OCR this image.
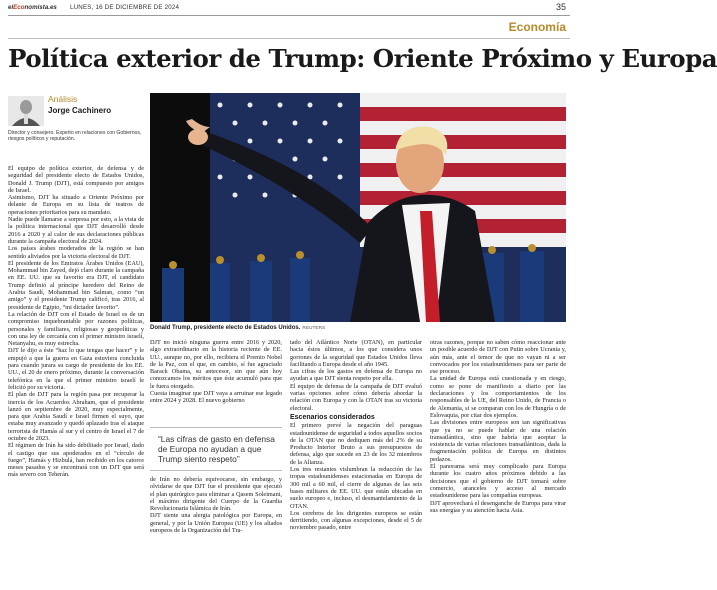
elEconomista.es LUNES, 16 DE DICIEMBRE DE 2024	35
Economía
Política exterior de Trump: Oriente Próximo y Europa
Análisis
Jorge Cachinero
Director y consejero. Experto en relaciones con Gobiernos, riesgos políticos y reputación.
Donald Trump, presidente electo de Estados Unidos. REUTERS

El equipo de política exterior, de defensa y de seguridad del presidente electo de Estados Unidos, Donald J. Trump (DJT), está compuesto por amigos de Israel.

Asimismo, DJT ha situado a Oriente Próximo por delante de Europa en su lista de teatros de operaciones prioritarios para su mandato.

Nadie puede llamarse a sorpresa por esto, a la vista de la política internacional que DJT desarrolló desde 2016 a 2020 y al calor de sus declaraciones públicas durante la campaña electoral de 2024.

Los países árabes moderados de la región se han sentido aliviados por la victoria electoral de DJT.

El presidente de los Emiratos Árabes Unidos (EAU), Mohammad bin Zayed, dejó claro durante la campaña en EE. UU. que su favorito era DJT, el candidato Trump definió al príncipe heredero del Reino de Arabia Saudí, Mohammad bin Salman, como “un amigo” y el presidente Trump calificó, tras 2016, al presidente de Egipto, “mi dictador favorito”.

La relación de DJT con el Estado de Israel es de un compromiso inquebrantable por razones políticas, personales y familiares, religiosas y geopolíticas y con una ley de cercanía con el primer ministro israelí, Netanyahu, es muy estrecha.

DJT le dijo a éste “haz lo que tengas que hacer” y le empujó a que la guerra en Gaza estuviera concluida para cuando jurara su cargo de presidente de los EE. UU., el 20 de enero próximo, durante la conversación telefónica en la que el primer ministro israelí le felicitó por su victoria.

El plan de DJT para la región pasa por recuperar la inercia de los Acuerdos Abraham, que el presidente lanzó en septiembre de 2020, muy especialmente, para que Arabia Saudí e Israel firmen el suyo, que estaba muy avanzado y quedó aplazado tras el ataque terrorista de Hamás al sur y el centro de Israel el 7 de octubre de 2023.

El régimen de Irán ha sido debilitado por Israel, dado el castigo que sus apoderados en el “círculo de fuego”, Hamás y Hizbulá, han recibido en los catorce meses pasados y se encontrará con un DJT que será más severo con Teherán.

DJT no inició ninguna guerra entre 2016 y 2020, algo extraordinario en la historia reciente de EE. UU., aunque no, por ello, recibiera el Premio Nobel de la Paz, con el que, en cambio, sí fue agraciado Barack Obama, su antecesor, sin que aún hoy conozcamos los méritos que éste acumuló para que le fuera otorgado.

Cuesta imaginar que DJT vaya a arruinar ese legado entre 2024 y 2028. El nuevo gobierno

“Las cifras de gasto en defensa de Europa no ayudan a que Trump siento respeto”

de Irán no debería equivocarse, sin embargo, y olvidarse de que DJT fue el presidente que ejecutó el plan quirúrgico para eliminar a Qasem Soleimani, el máximo dirigente del Cuerpo de la Guardia Revolucionaria Islámica de Irán.

DJT siente una alergia patológica por Europa, en general, y por la Unión Europea (UE) y los aliados europeos de la Organización del Tra-

tado del Atlántico Norte (OTAN), en particular hacia éstos últimos, a los que considera unos gorrones de la seguridad que Estados Unidos lleva facilitando a Europa desde el año 1945.

Las cifras de los gastos en defensa de Europa no ayudan a que DJT sienta respeto por ella.

El equipo de defensa de la campaña de DJT evaluó varias opciones sobre cómo debería abordar la relación con Europa y con la OTAN tras su victoria electoral.

Escenarios considerados

El primero prevé la negación del paraguas estadounidense de seguridad a todos aquellos socios de la OTAN que no dediquen más del 2% de su Producto Interior Bruto a sus presupuestos de defensa, algo que sucede en 23 de los 32 miembros de la Alianza.

Los tres restantes vislumbran la reducción de las tropas estadounidenses estacionadas en Europa de 300 mil a 60 mil, el cierre de algunas de las seis bases militares de EE. UU. que están ubicadas en suelo europeo e, incluso, el desmantelamiento de la OTAN.

Los cerebros de los dirigentes europeos se están derritiendo, con algunas excepciones, desde el 5 de noviembre pasado, entre

otras razones, porque no saben cómo reaccionar ante un posible acuerdo de DJT con Putin sobre Ucrania y, aún más, ante el temor de que no vayan ni a ser convocados por los estadounidenses para ser parte de ese proceso.

La unidad de Europa está cuestionada y en riesgo, como se pone de manifiesto a diario por las declaraciones y los comportamientos de los responsables de la UE, del Reino Unido, de Francia o de Alemania, si se comparan con los de Hungría o de Eslovaquia, por citar dos ejemplos.

Las divisiones entre europeos son tan significativas que ya no se puede hablar de una relación transatlántica, sino que habría que aceptar la existencia de varias relaciones transatlánticas, dada la fragmentación política de Europa en distintos pedazos.

El panorama será muy complicado para Europa durante los cuatro años próximos debido a las decisiones que el gobierno de DJT tomará sobre comercio, aranceles y acceso al mercado estadounidense para las compañías europeas.

DJT aprovechará el desenganche de Europa para virar sus energías y su atención hacia Asia.
